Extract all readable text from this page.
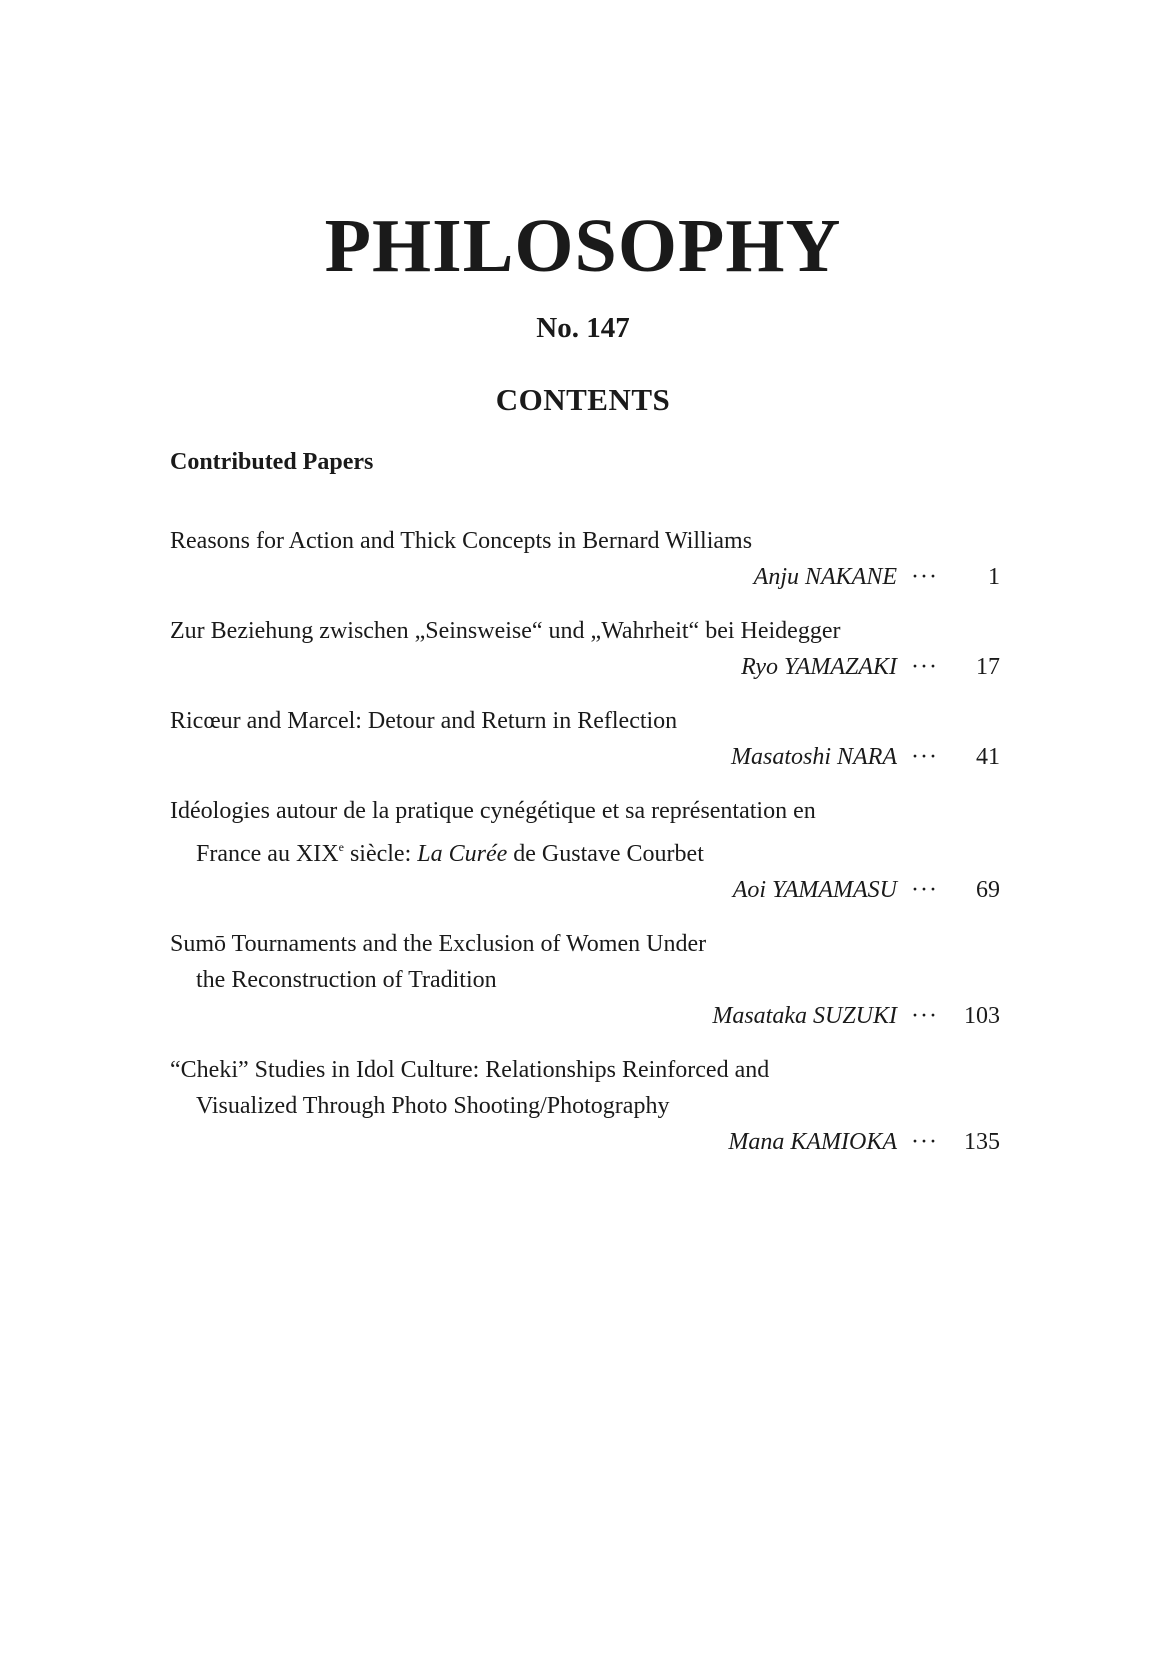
PHILOSOPHY
No. 147
CONTENTS
Contributed Papers
Reasons for Action and Thick Concepts in Bernard Williams
Anju NAKANE ···	1
Zur Beziehung zwischen „Seinsweise“ und „Wahrheit“ bei Heidegger
Ryo YAMAZAKI ···	17
Ricœur and Marcel: Detour and Return in Reflection
Masatoshi NARA ···	41
Idéologies autour de la pratique cynégétique et sa représentation en
France au XIXe siècle: La Curée de Gustave Courbet
Aoi YAMAMASU ···	69
Sumō Tournaments and the Exclusion of Women Under
the Reconstruction of Tradition
Masataka SUZUKI ···	103
“Cheki” Studies in Idol Culture: Relationships Reinforced and
Visualized Through Photo Shooting/Photography
Mana KAMIOKA ···	135
